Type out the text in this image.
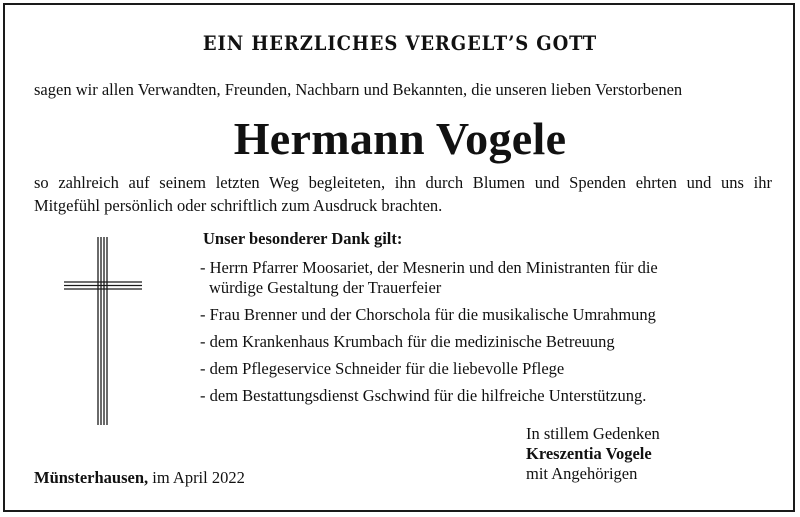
EIN HERZLICHES VERGELT’S GOTT
sagen wir allen Verwandten, Freunden, Nachbarn und Bekannten, die unseren lieben Verstorbenen
Hermann Vogele
so zahlreich auf seinem letzten Weg begleiteten, ihn durch Blumen und Spenden ehrten und uns ihr
Mitgefühl persönlich oder schriftlich zum Ausdruck brachten.
Unser besonderer Dank gilt:
- Herrn Pfarrer Moosariet, der Mesnerin und den Ministranten für die
würdige Gestaltung der Trauerfeier
- Frau Brenner und der Chorschola für die musikalische Umrahmung
- dem Krankenhaus Krumbach für die medizinische Betreuung
- dem Pflegeservice Schneider für die liebevolle Pflege
- dem Bestattungsdienst Gschwind für die hilfreiche Unterstützung.
In stillem Gedenken
Kreszentia Vogele
mit Angehörigen
Münsterhausen, im April 2022
